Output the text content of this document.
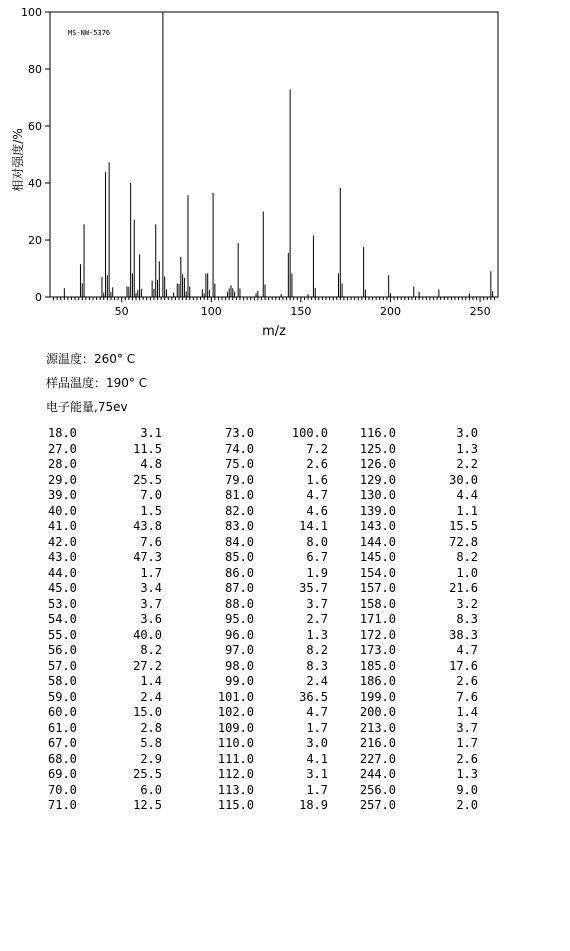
50	100	150	200	250
0
20
40
60
80
100
MS-NW-5376
m/z
相对强度/%
源温度：260° C
样品温度：190° C
电子能量,75ev
18.0	3.1	73.0	100.0	116.0	3.0
27.0	11.5	74.0	7.2	125.0	1.3
28.0	4.8	75.0	2.6	126.0	2.2
29.0	25.5	79.0	1.6	129.0	30.0
39.0	7.0	81.0	4.7	130.0	4.4
40.0	1.5	82.0	4.6	139.0	1.1
41.0	43.8	83.0	14.1	143.0	15.5
42.0	7.6	84.0	8.0	144.0	72.8
43.0	47.3	85.0	6.7	145.0	8.2
44.0	1.7	86.0	1.9	154.0	1.0
45.0	3.4	87.0	35.7	157.0	21.6
53.0	3.7	88.0	3.7	158.0	3.2
54.0	3.6	95.0	2.7	171.0	8.3
55.0	40.0	96.0	1.3	172.0	38.3
56.0	8.2	97.0	8.2	173.0	4.7
57.0	27.2	98.0	8.3	185.0	17.6
58.0	1.4	99.0	2.4	186.0	2.6
59.0	2.4	101.0	36.5	199.0	7.6
60.0	15.0	102.0	4.7	200.0	1.4
61.0	2.8	109.0	1.7	213.0	3.7
67.0	5.8	110.0	3.0	216.0	1.7
68.0	2.9	111.0	4.1	227.0	2.6
69.0	25.5	112.0	3.1	244.0	1.3
70.0	6.0	113.0	1.7	256.0	9.0
71.0	12.5	115.0	18.9	257.0	2.0
